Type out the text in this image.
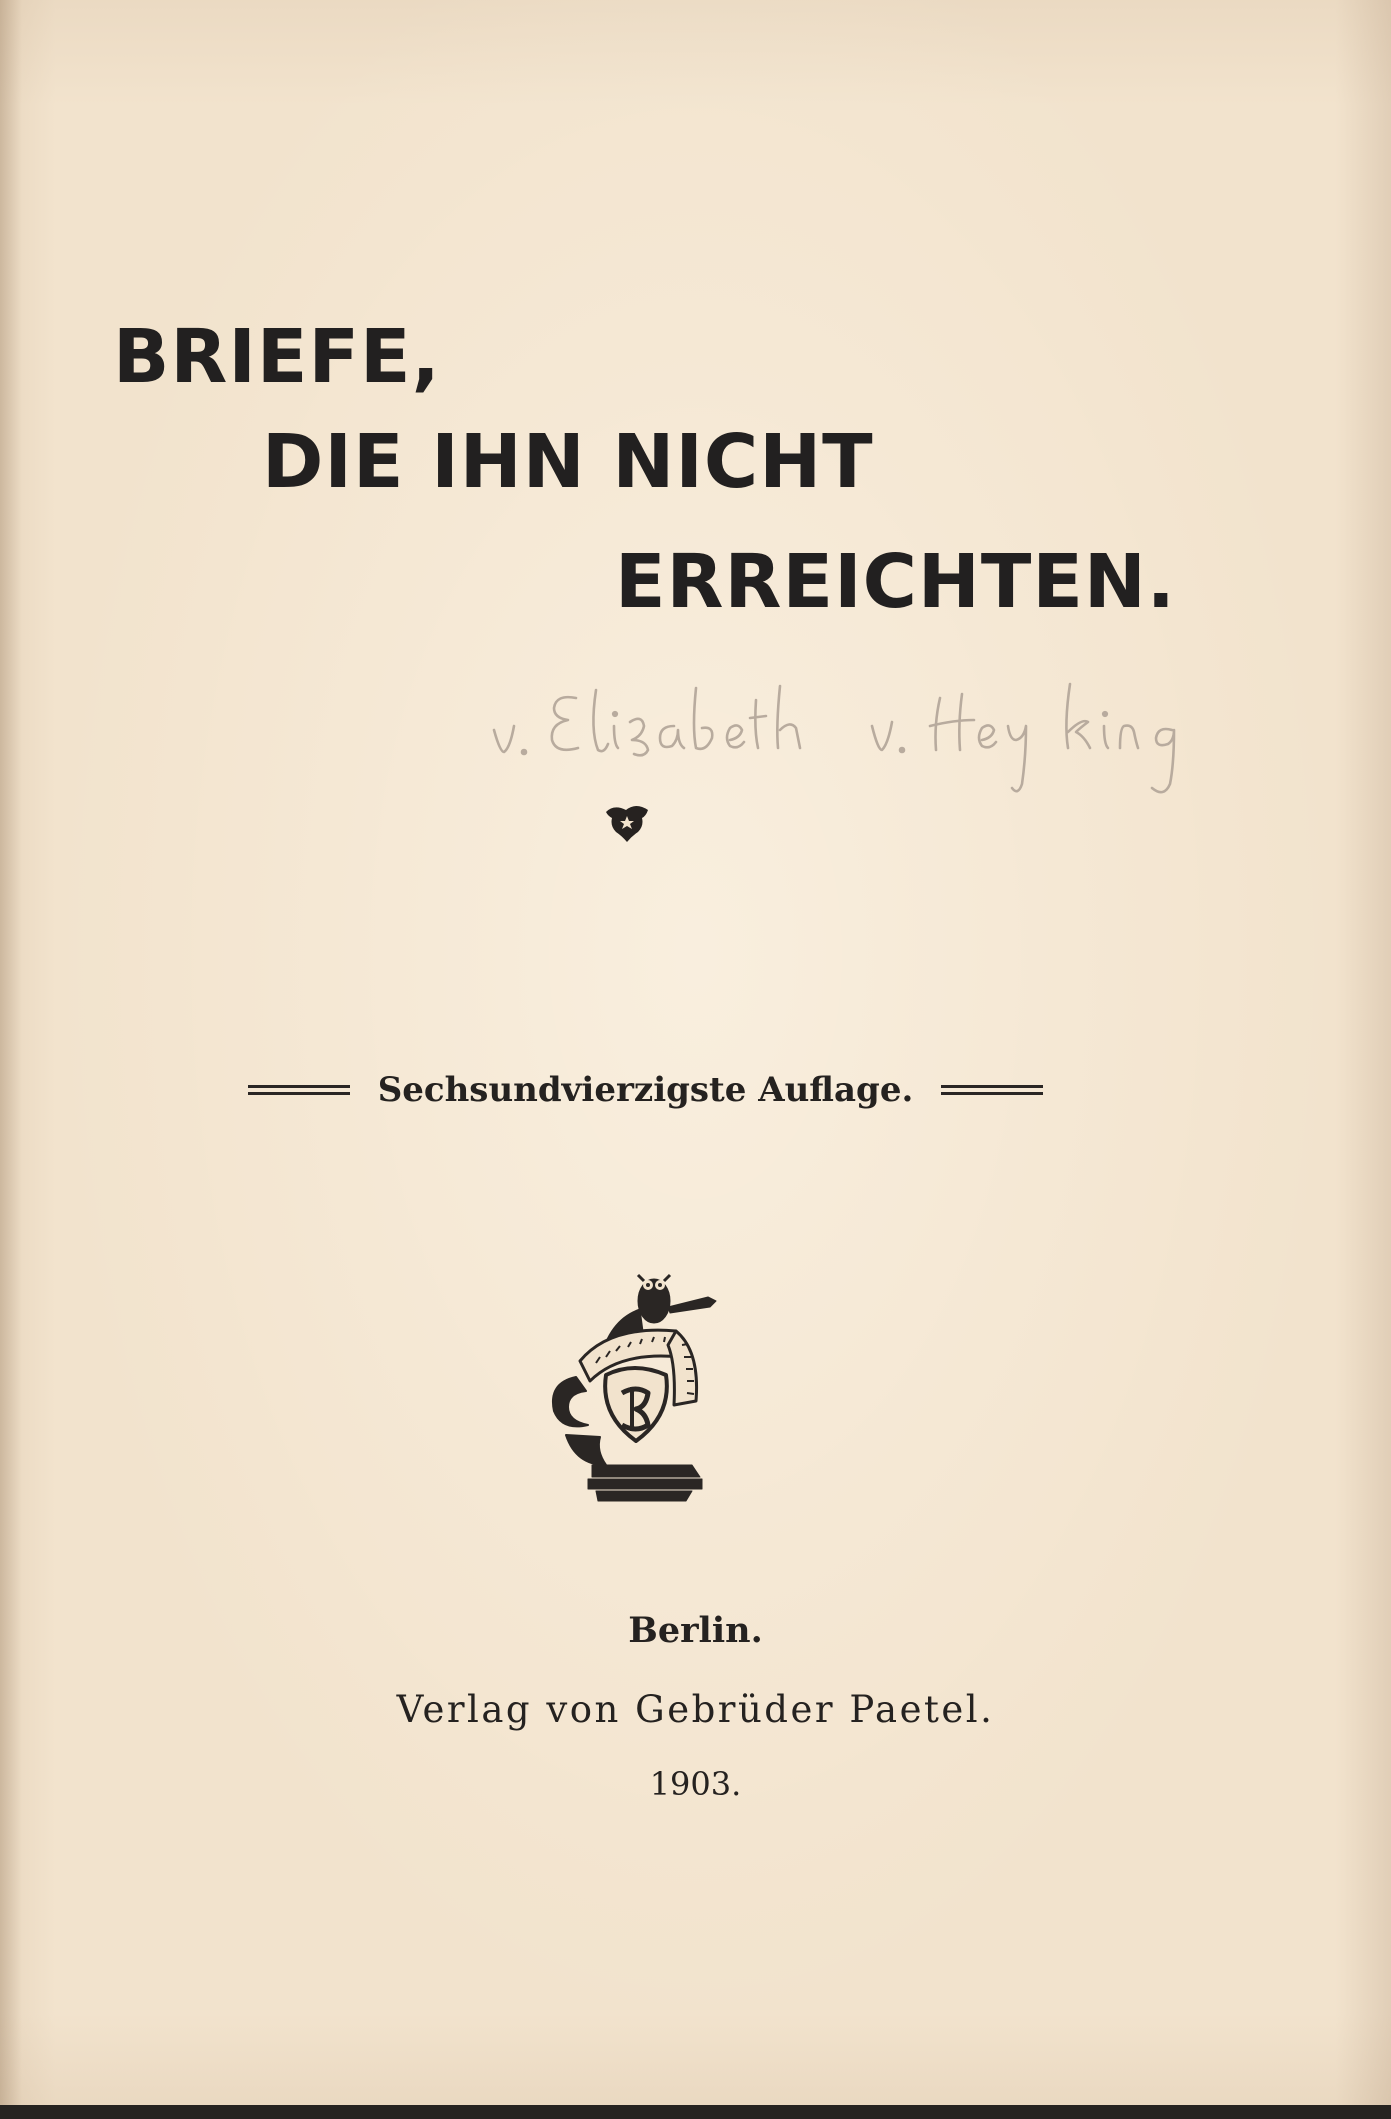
BRIEFE,
DIE IHN NICHT
ERREICHTEN.
Sechsundvierzigste Auflage.

Berlin.

Verlag von Gebrüder Paetel.

1903.
